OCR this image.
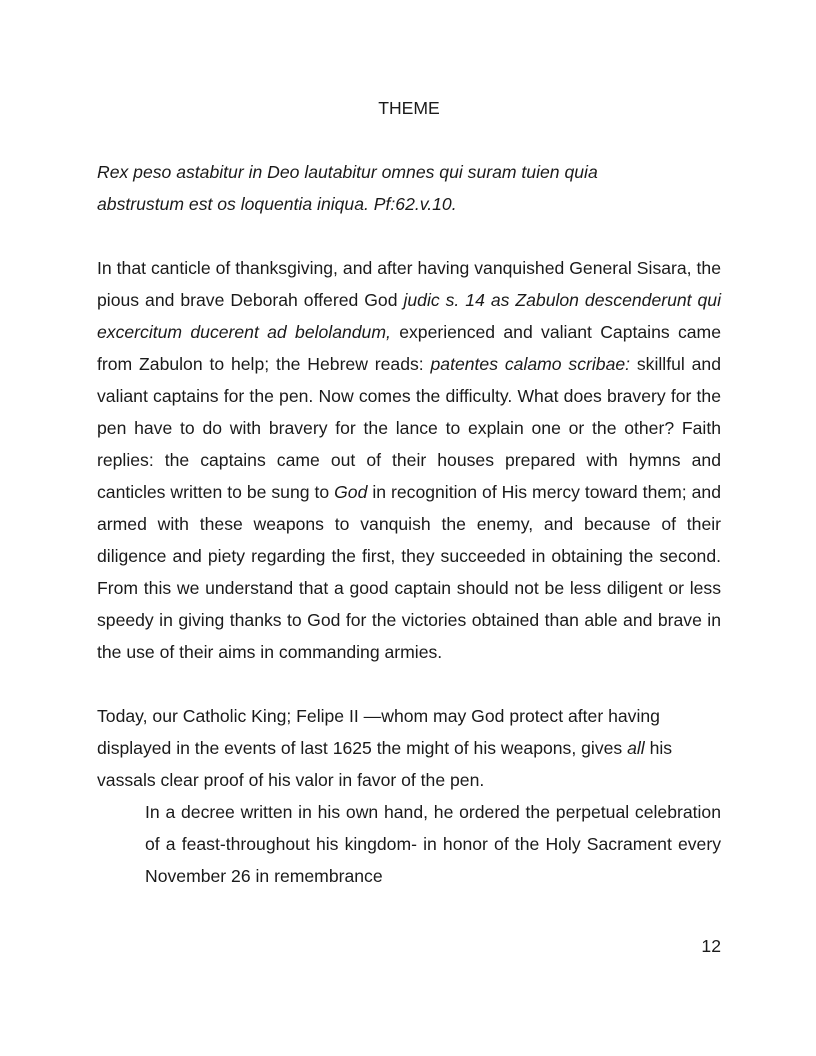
THEME

Rex peso astabitur in Deo lautabitur omnes qui suram tuien quia
abstrustum est os loquentia iniqua. Pf:62.v.10.

In that canticle of thanksgiving, and after having vanquished General Sisara, the pious and brave Deborah offered God judic s. 14 as Zabulon descenderunt qui excercitum ducerent ad belolandum, experienced and valiant Captains came from Zabulon to help; the Hebrew reads: patentes calamo scribae: skillful and valiant captains for the pen. Now comes the difficulty. What does bravery for the pen have to do with bravery for the lance to explain one or the other? Faith replies: the captains came out of their houses prepared with hymns and canticles written to be sung to God in recognition of His mercy toward them; and armed with these weapons to vanquish the enemy, and because of their diligence and piety regarding the first, they succeeded in obtaining the second. From this we understand that a good captain should not be less diligent or less speedy in giving thanks to God for the victories obtained than able and brave in the use of their aims in commanding armies.

Today, our Catholic King; Felipe II —whom may God protect after having
displayed in the events of last 1625 the might of his weapons, gives all his
vassals clear proof of his valor in favor of the pen.

In a decree written in his own hand, he ordered the perpetual celebration of a feast-throughout his kingdom- in honor of the Holy Sacrament every November 26 in remembrance

12
